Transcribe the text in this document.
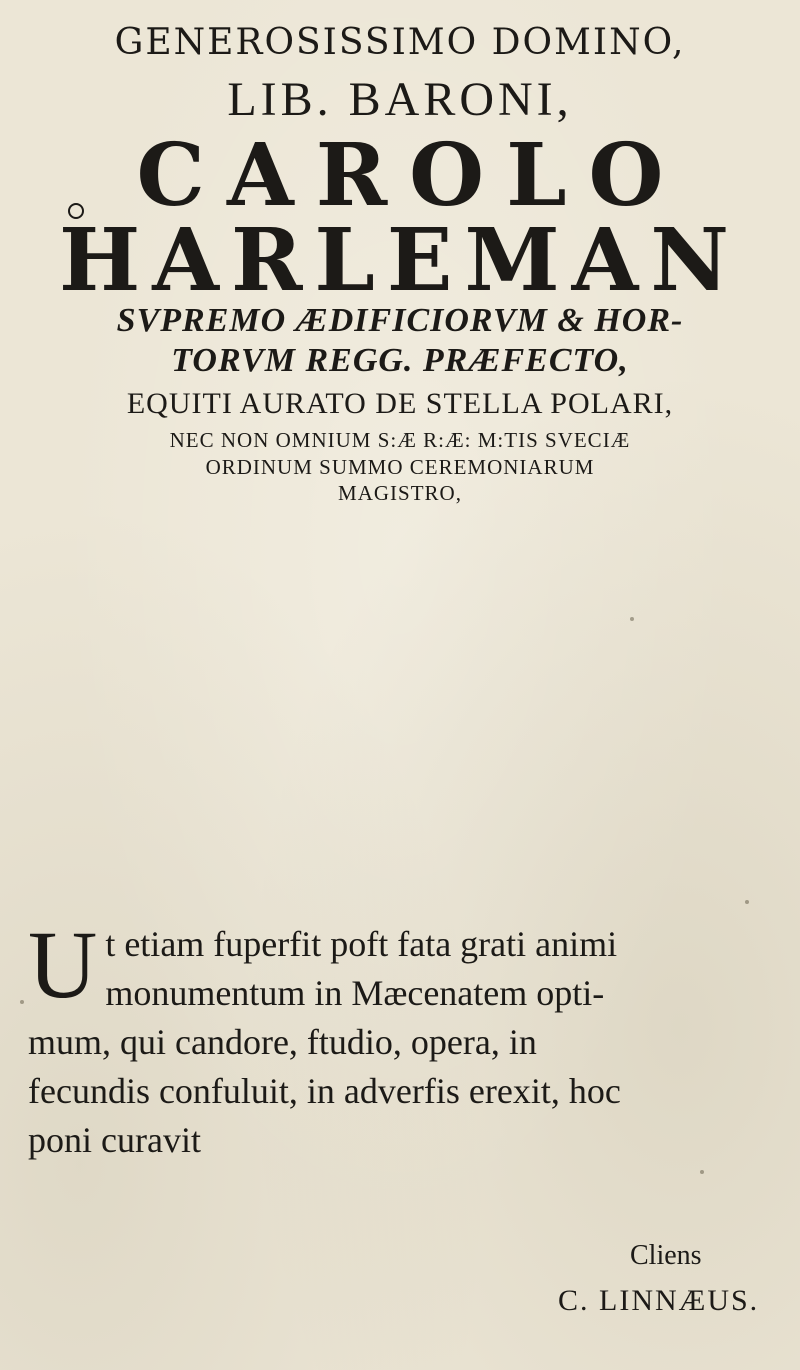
GENEROSISSIMO DOMINO,
LIB. BARONI,
CAROLO
HARLEMAN
SVPREMO ÆDIFICIORVM & HOR-
TORVM REGG. PRÆFECTO,
EQUITI AURATO DE STELLA POLARI,
NEC NON OMNIUM S:Æ R:Æ: M:TIS SVECIÆ
ORDINUM SUMMO CEREMONIARUM
MAGISTRO,
U t etiam fuperfit poft fata grati animi
monumentum in Mæcenatem opti-
mum, qui candore, ftudio, opera, in
fecundis confuluit, in adverfis erexit, hoc
poni curavit
Cliens
C. LINNÆUS.
